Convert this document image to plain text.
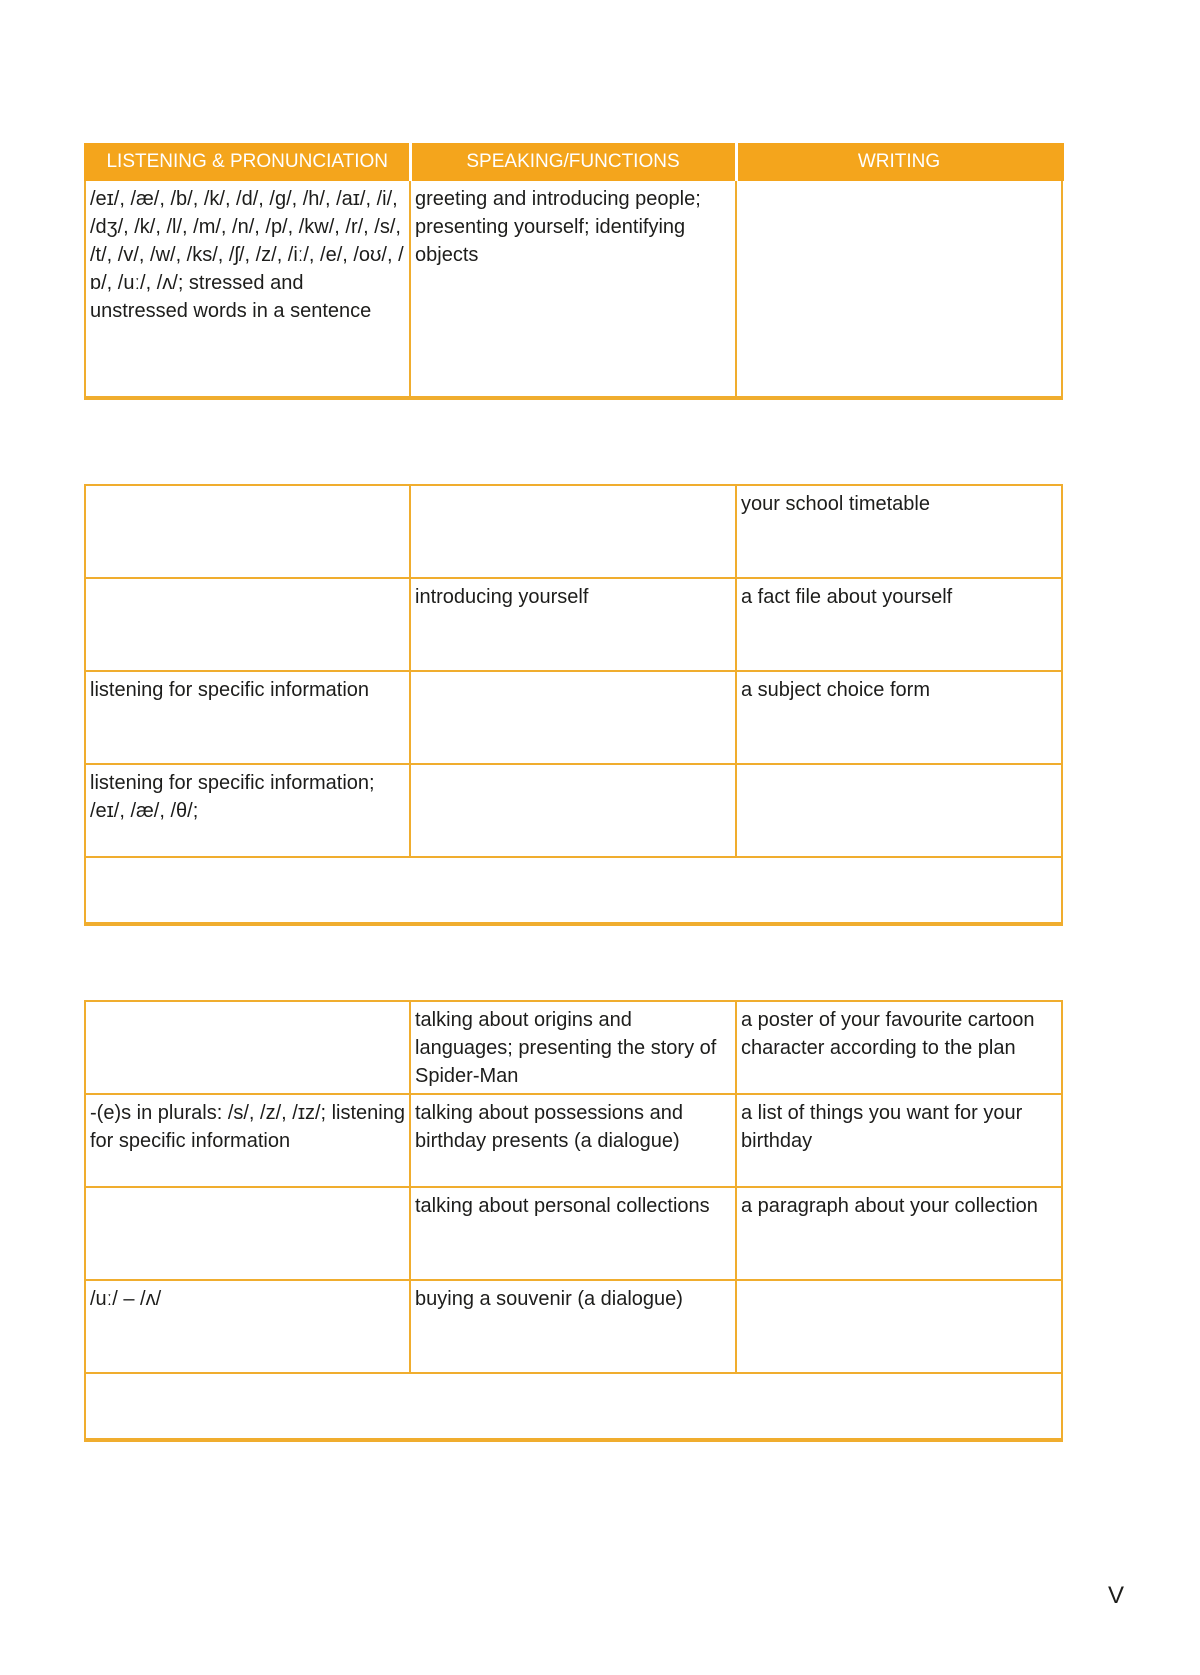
LISTENING & PRONUNCIATION	SPEAKING/FUNCTIONS	WRITING
/eɪ/, /æ/, /b/, /k/, /d/, /g/, /h/, /aɪ/, /i/, /dʒ/, /k/, /l/, /m/, /n/, /p/, /kw/, /r/, /s/, /t/, /v/, /w/, /ks/, /ʃ/, /z/, /iː/, /e/, /oʊ/, /ɒ/, /uː/, /ʌ/; stressed and unstressed words in a sentence	greeting and introducing people; presenting yourself; identifying objects	
		your school timetable
	introducing yourself	a fact file about yourself
listening for specific information		a subject choice form
listening for specific information; /eɪ/, /æ/, /θ/;		

	talking about origins and languages; presenting the story of Spider-Man	a poster of your favourite cartoon character according to the plan
-(e)s in plurals: /s/, /z/, /ɪz/; listening for specific information	talking about possessions and birthday presents (a dialogue)	a list of things you want for your birthday
	talking about personal collections	a paragraph about your collection
/uː/ – /ʌ/	buying a souvenir (a dialogue)	

V
